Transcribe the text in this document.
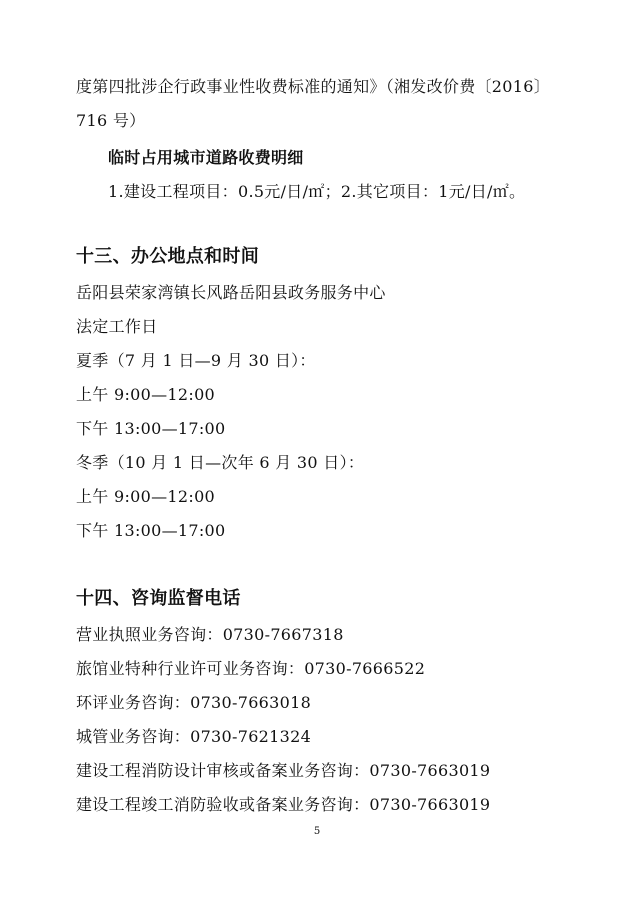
度第四批涉企行政事业性收费标准的通知》（湘发改价费〔2016〕
716 号）
临时占用城市道路收费明细
1.建设工程项目：0.5元/日/㎡；2.其它项目：1元/日/㎡。
十三、办公地点和时间
岳阳县荣家湾镇长风路岳阳县政务服务中心
法定工作日
夏季（7 月 1 日—9 月 30 日）：
上午 9:00—12:00
下午 13:00—17:00
冬季（10 月 1 日—次年 6 月 30 日）：
上午 9:00—12:00
下午 13:00—17:00
十四、咨询监督电话
营业执照业务咨询：0730-7667318
旅馆业特种行业许可业务咨询：0730-7666522
环评业务咨询：0730-7663018
城管业务咨询：0730-7621324
建设工程消防设计审核或备案业务咨询：0730-7663019
建设工程竣工消防验收或备案业务咨询：0730-7663019
5
